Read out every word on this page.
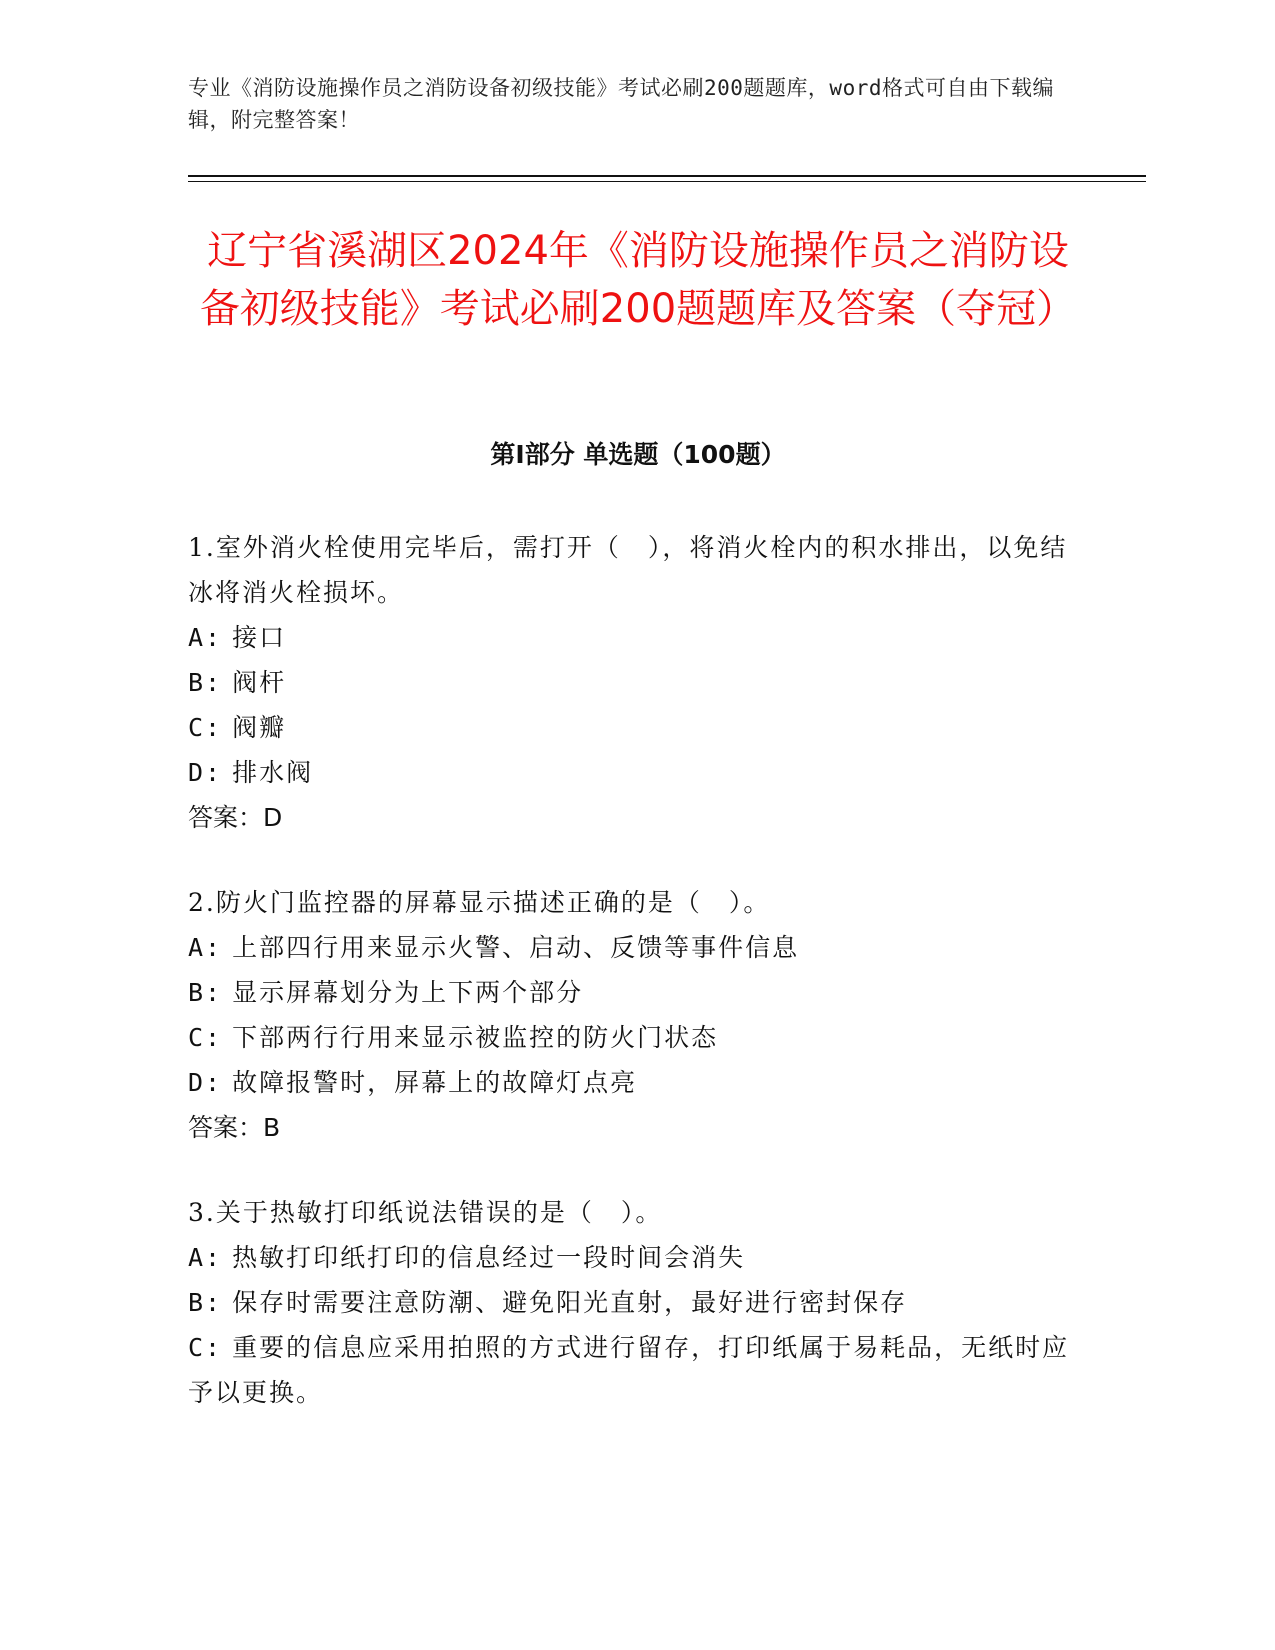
专业《消防设施操作员之消防设备初级技能》考试必刷200题题库，word格式可自由下载编辑，附完整答案！
辽宁省溪湖区2024年《消防设施操作员之消防设备初级技能》考试必刷200题题库及答案（夺冠）
第Ⅰ部分 单选题（100题）
1.室外消火栓使用完毕后，需打开（　），将消火栓内的积水排出，以免结冰将消火栓损坏。
A: 接口
B: 阀杆
C: 阀瓣
D: 排水阀
答案：D
2.防火门监控器的屏幕显示描述正确的是（　）。
A: 上部四行用来显示火警、启动、反馈等事件信息
B: 显示屏幕划分为上下两个部分
C: 下部两行行用来显示被监控的防火门状态
D: 故障报警时，屏幕上的故障灯点亮
答案：B
3.关于热敏打印纸说法错误的是（　）。
A: 热敏打印纸打印的信息经过一段时间会消失
B: 保存时需要注意防潮、避免阳光直射，最好进行密封保存
C: 重要的信息应采用拍照的方式进行留存，打印纸属于易耗品，无纸时应予以更换。
